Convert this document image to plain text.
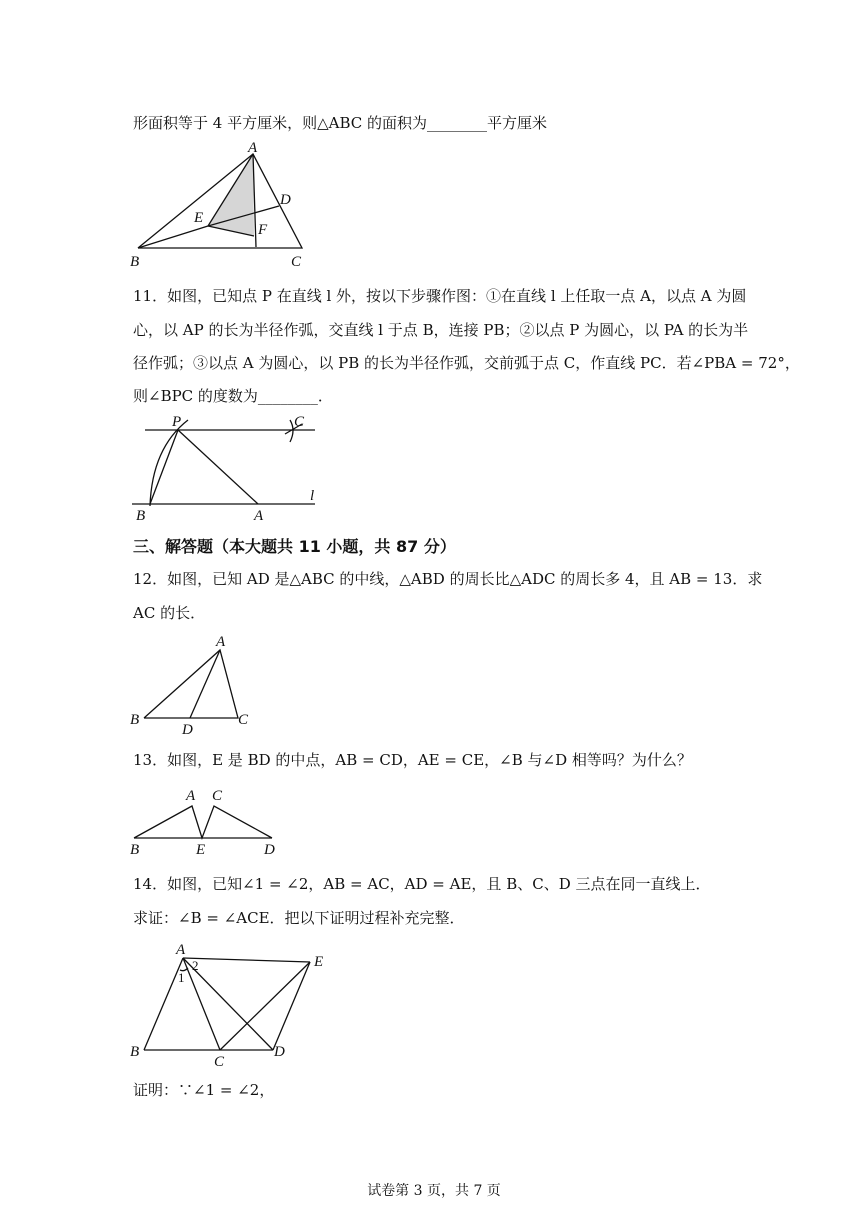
形面积等于 4 平方厘米，则△ABC 的面积为________平方厘米
A
B	C
D
E
F
11．如图，已知点 P 在直线 l 外，按以下步骤作图：①在直线 l 上任取一点 A，以点 A 为圆
心，以 AP 的长为半径作弧，交直线 l 于点 B，连接 PB；②以点 P 为圆心，以 PA 的长为半
径作弧；③以点 A 为圆心，以 PB 的长为半径作弧，交前弧于点 C，作直线 PC．若∠PBA = 72°，
则∠BPC 的度数为________．
P	C
B	A
l
三、解答题（本大题共 11 小题，共 87 分）
12．如图，已知 AD 是△ABC 的中线，△ABD 的周长比△ADC 的周长多 4，且 AB = 13．求
AC 的长．
A
B	C
D
13．如图，E 是 BD 的中点，AB = CD，AE = CE，∠B 与∠D 相等吗？为什么？
A C
B	E	D
14．如图，已知∠1 = ∠2，AB = AC，AD = AE，且 B、C、D 三点在同一直线上．
求证：∠B = ∠ACE．把以下证明过程补充完整．
A
E
1
2
B
C
D
证明：∵∠1 = ∠2，
试卷第 3 页，共 7 页
